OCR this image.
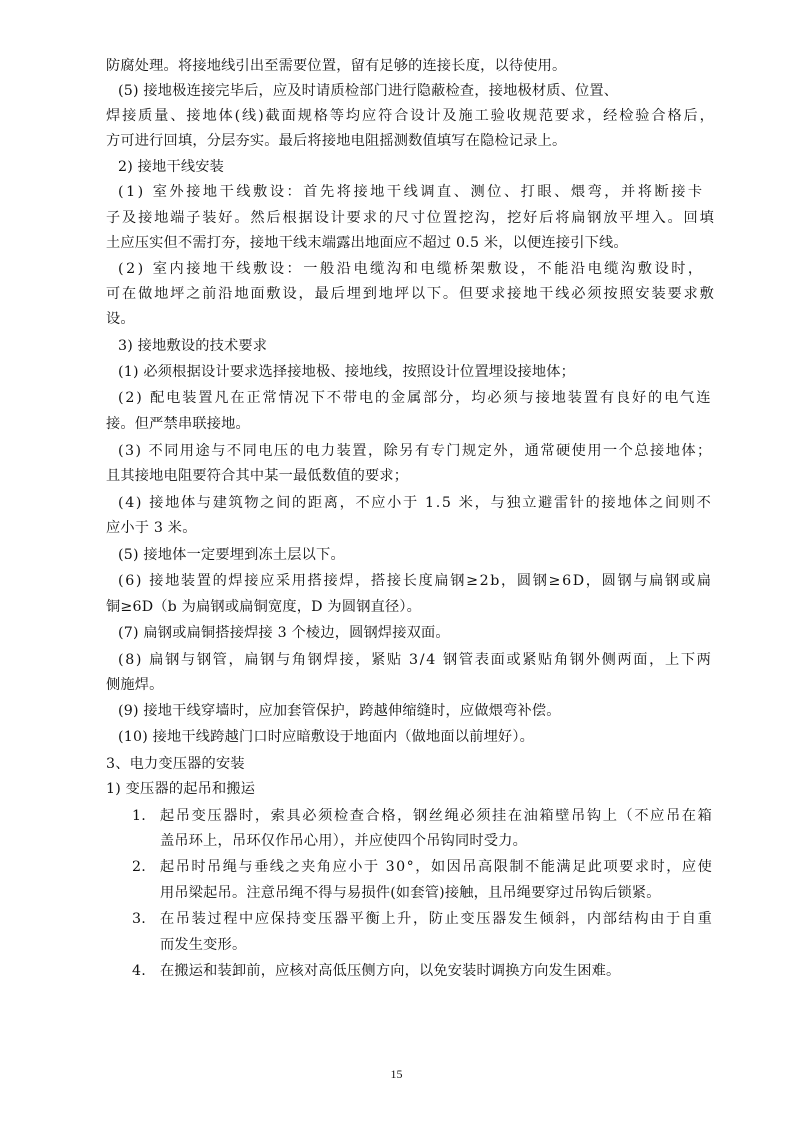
防腐处理。将接地线引出至需要位置，留有足够的连接长度，以待使用。
(5) 接地极连接完毕后，应及时请质检部门进行隐蔽检查，接地极材质、位置、
焊接质量、接地体(线)截面规格等均应符合设计及施工验收规范要求，经检验合格后，
方可进行回填，分层夯实。最后将接地电阻摇测数值填写在隐检记录上。
2) 接地干线安装
(1) 室外接地干线敷设：首先将接地干线调直、测位、打眼、煨弯，并将断接卡
子及接地端子装好。然后根据设计要求的尺寸位置挖沟，挖好后将扁钢放平埋入。回填
土应压实但不需打夯，接地干线末端露出地面应不超过 0.5 米，以便连接引下线。
(2) 室内接地干线敷设：一般沿电缆沟和电缆桥架敷设，不能沿电缆沟敷设时，
可在做地坪之前沿地面敷设，最后埋到地坪以下。但要求接地干线必须按照安装要求敷
设。
3) 接地敷设的技术要求
(1) 必须根据设计要求选择接地极、接地线，按照设计位置埋设接地体；
(2) 配电装置凡在正常情况下不带电的金属部分，均必须与接地装置有良好的电气连
接。但严禁串联接地。
(3) 不同用途与不同电压的电力装置，除另有专门规定外，通常硬使用一个总接地体；
且其接地电阻要符合其中某一最低数值的要求；
(4) 接地体与建筑物之间的距离，不应小于 1.5 米，与独立避雷针的接地体之间则不
应小于 3 米。
(5) 接地体一定要埋到冻土层以下。
(6) 接地装置的焊接应采用搭接焊，搭接长度扁钢≥2b，圆钢≥6D，圆钢与扁钢或扁
铜≥6D（b 为扁钢或扁铜宽度，D 为圆钢直径）。
(7) 扁钢或扁铜搭接焊接 3 个棱边，圆钢焊接双面。
(8) 扁钢与钢管，扁钢与角钢焊接，紧贴 3/4 钢管表面或紧贴角钢外侧两面，上下两
侧施焊。
(9) 接地干线穿墙时，应加套管保护，跨越伸缩缝时，应做煨弯补偿。
(10) 接地干线跨越门口时应暗敷设于地面内（做地面以前埋好）。
3、电力变压器的安装
1) 变压器的起吊和搬运
1. 起吊变压器时，索具必须检查合格，钢丝绳必须挂在油箱壁吊钩上（不应吊在箱
盖吊环上，吊环仅作吊心用），并应使四个吊钩同时受力。
2. 起吊时吊绳与垂线之夹角应小于 30°，如因吊高限制不能满足此项要求时，应使
用吊梁起吊。注意吊绳不得与易损件(如套管)接触，且吊绳要穿过吊钩后锁紧。
3. 在吊装过程中应保持变压器平衡上升，防止变压器发生倾斜，内部结构由于自重
而发生变形。
4. 在搬运和装卸前，应核对高低压侧方向，以免安装时调换方向发生困难。
15
